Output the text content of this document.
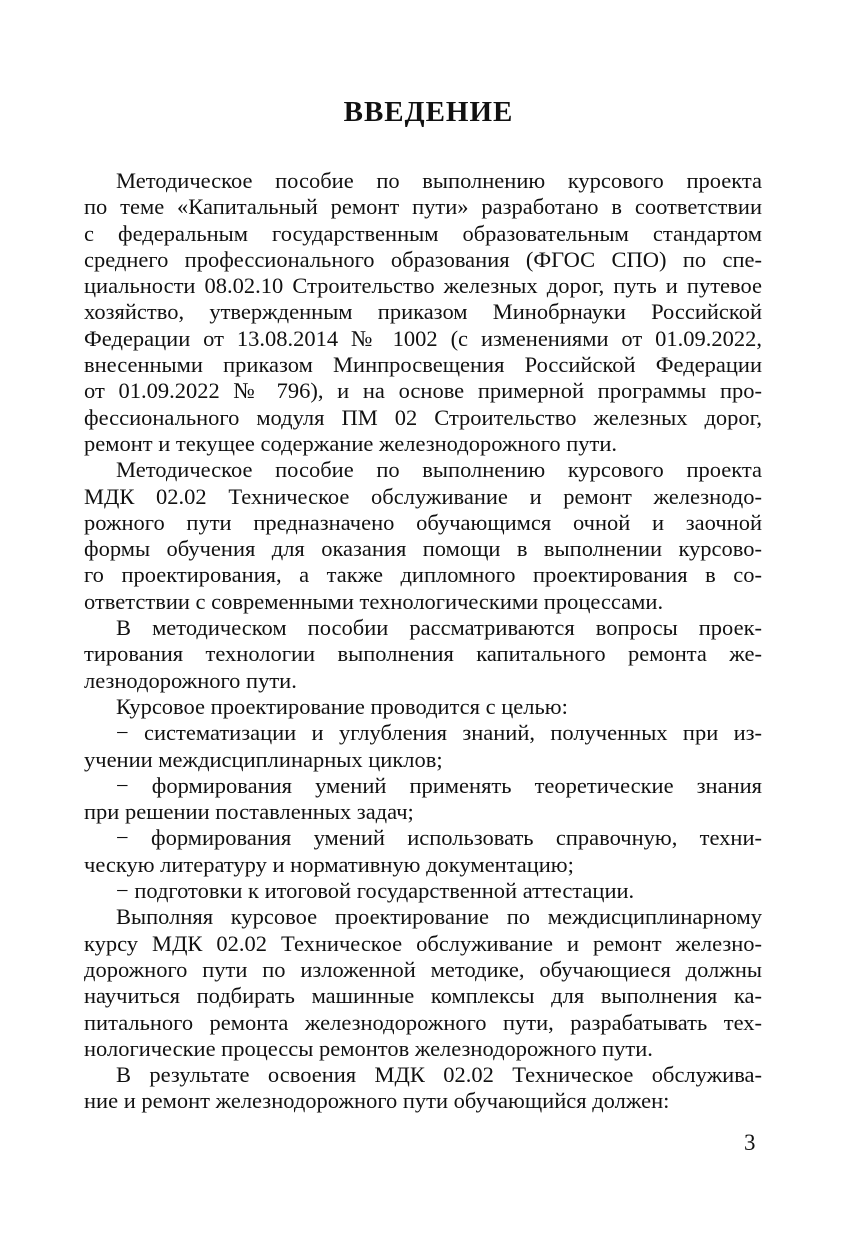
ВВЕДЕНИЕ
Методическое пособие по выполнению курсового проекта
по теме «Капитальный ремонт пути» разработано в соответствии
с федеральным государственным образовательным стандартом
среднего профессионального образования (ФГОС СПО) по спе-
циальности 08.02.10 Строительство железных дорог, путь и путевое
хозяйство, утвержденным приказом Минобрнауки Российской
Федерации от 13.08.2014 № 1002 (с изменениями от 01.09.2022,
внесенными приказом Минпросвещения Российской Федерации
от 01.09.2022 № 796), и на основе примерной программы про-
фессионального модуля ПМ 02 Строительство железных дорог,
ремонт и текущее содержание железнодорожного пути.
Методическое пособие по выполнению курсового проекта
МДК 02.02 Техническое обслуживание и ремонт железнодо-
рожного пути предназначено обучающимся очной и заочной
формы обучения для оказания помощи в выполнении курсово-
го проектирования, а также дипломного проектирования в со-
ответствии с современными технологическими процессами.
В методическом пособии рассматриваются вопросы проек-
тирования технологии выполнения капитального ремонта же-
лезнодорожного пути.
Курсовое проектирование проводится с целью:
− систематизации и углубления знаний, полученных при из-
учении междисциплинарных циклов;
− формирования умений применять теоретические знания
при решении поставленных задач;
− формирования умений использовать справочную, техни-
ческую литературу и нормативную документацию;
− подготовки к итоговой государственной аттестации.
Выполняя курсовое проектирование по междисциплинарному
курсу МДК 02.02 Техническое обслуживание и ремонт железно-
дорожного пути по изложенной методике, обучающиеся должны
научиться подбирать машинные комплексы для выполнения ка-
питального ремонта железнодорожного пути, разрабатывать тех-
нологические процессы ремонтов железнодорожного пути.
В результате освоения МДК 02.02 Техническое обслужива-
ние и ремонт железнодорожного пути обучающийся должен:
3
